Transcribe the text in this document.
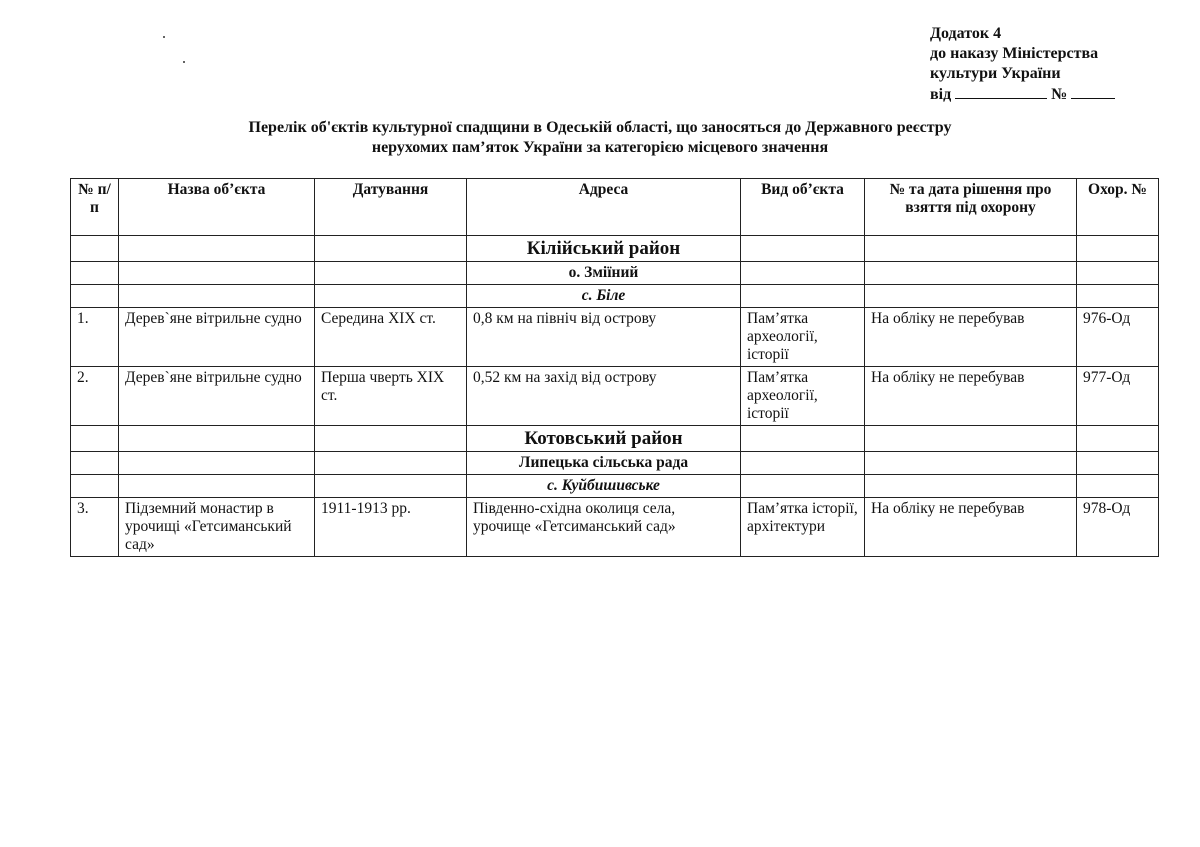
Додаток 4
до наказу Міністерства
культури України
від	№
Перелік об'єктів культурної спадщини в Одеській області, що заносяться до Державного реєстру
нерухомих пам’яток України за категорією місцевого значення
№ п/п	Назва об’єкта	Датування	Адреса	Вид об’єкта	№ та дата рішення про взяття під охорону	Охор. №
			Кілійський район			
			о. Зміїний			
			с. Біле			
1.	Дерев`яне вітрильне судно	Середина ХІХ ст.	0,8 км на північ від острову	Пам’ятка археології, історії	На обліку не перебував	976-Од
2.	Дерев`яне вітрильне судно	Перша чверть ХІХ ст.	0,52 км на захід від острову	Пам’ятка археології, історії	На обліку не перебував	977-Од
			Котовський район			
			Липецька сільська рада			
			с. Куйбишивське			
3.	Підземний монастир в урочищі «Гетсиманський сад»	1911-1913 рр.	Південно-східна околиця села, урочище «Гетсиманський сад»	Пам’ятка історії, архітектури	На обліку не перебував	978-Од
